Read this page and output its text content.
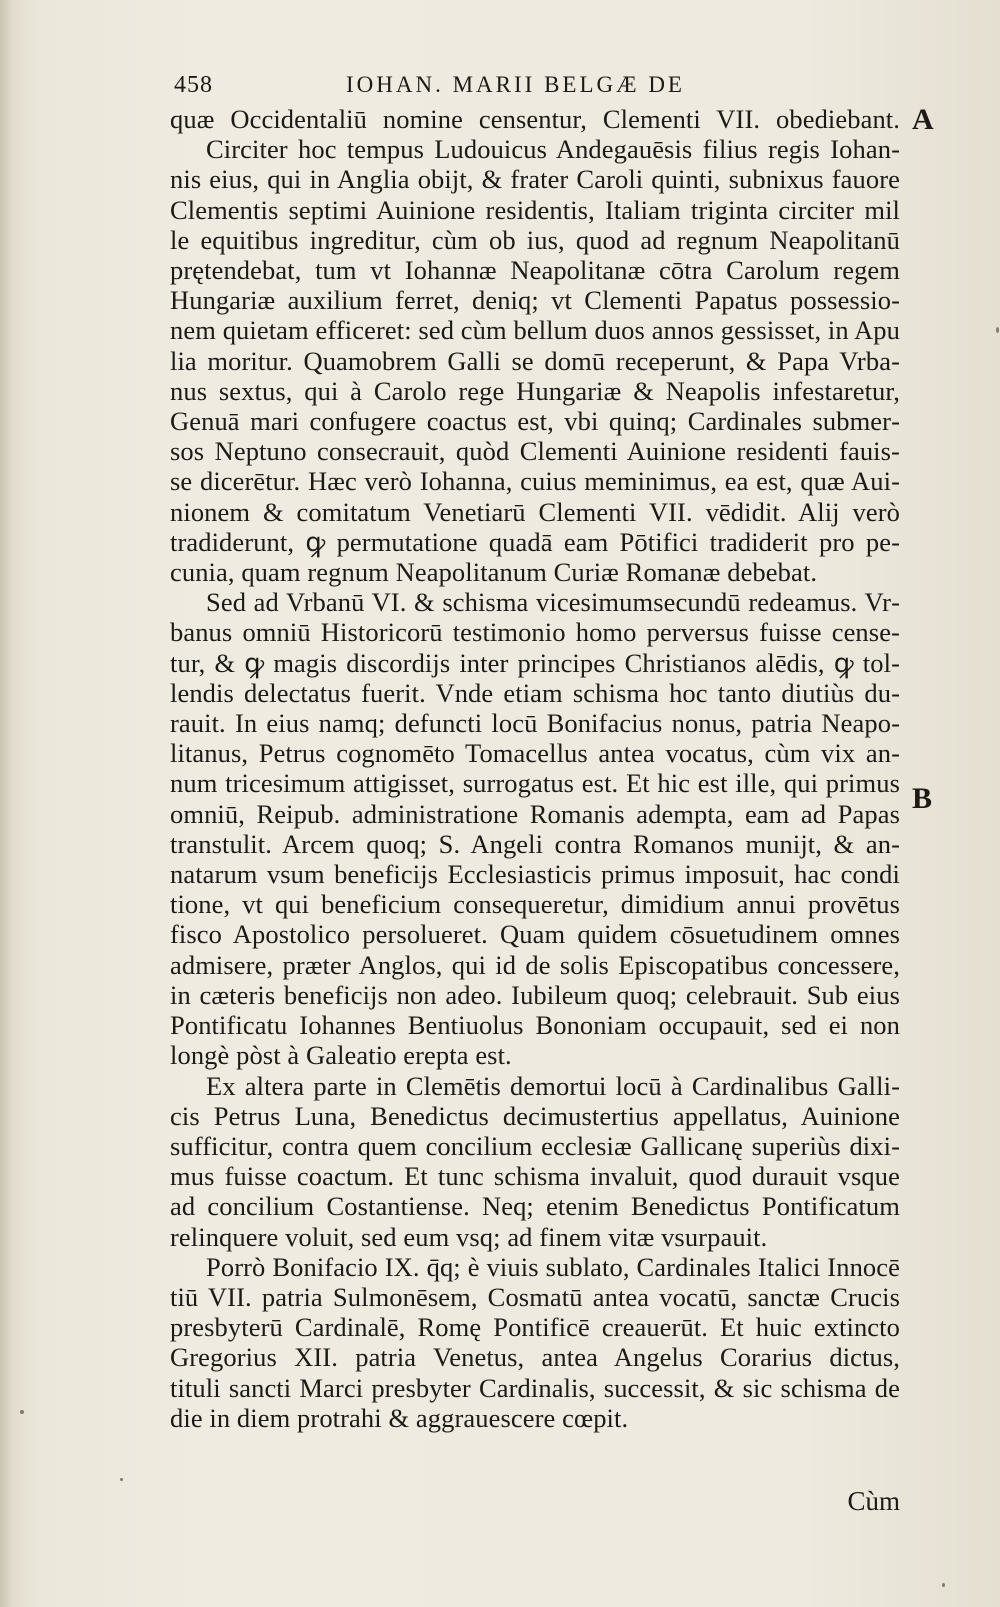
458	IOHAN. MARII BELGÆ DE
A
B
quæ Occidentaliū nomine censentur, Clementi VII. obediebant.
Circiter hoc tempus Ludouicus Andegauēsis filius regis Iohan‑
nis eius, qui in Anglia obijt, & frater Caroli quinti, subnixus fauore
Clementis septimi Auinione residentis, Italiam triginta circiter mil
le equitibus ingreditur, cùm ob ius, quod ad regnum Neapolitanū
prętendebat, tum vt Iohannæ Neapolitanæ cōtra Carolum regem
Hungariæ auxilium ferret, deniq; vt Clementi Papatus possessio‑
nem quietam efficeret: sed cùm bellum duos annos gessisset, in Apu
lia moritur. Quamobrem Galli se domū receperunt, & Papa Vrba‑
nus sextus, qui à Carolo rege Hungariæ & Neapolis infestaretur,
Genuā mari confugere coactus est, vbi quinq; Cardinales submer‑
sos Neptuno consecrauit, quòd Clementi Auinione residenti fauis‑
se dicerētur. Hæc verò Iohanna, cuius meminimus, ea est, quæ Aui‑
nionem & comitatum Venetiarū Clementi VII. vēdidit. Alij verò
tradiderunt, ꝙ permutatione quadā eam Pōtifici tradiderit pro pe‑
cunia, quam regnum Neapolitanum Curiæ Romanæ debebat.
Sed ad Vrbanū VI. & schisma vicesimumsecundū redeamus. Vr‑
banus omniū Historicorū testimonio homo perversus fuisse cense‑
tur, & ꝙ magis discordijs inter principes Christianos alēdis, ꝙ tol‑
lendis delectatus fuerit. Vnde etiam schisma hoc tanto diutiùs du‑
rauit. In eius namq; defuncti locū Bonifacius nonus, patria Neapo‑
litanus, Petrus cognomēto Tomacellus antea vocatus, cùm vix an‑
num tricesimum attigisset, surrogatus est. Et hic est ille, qui primus
omniū, Reipub. administratione Romanis adempta, eam ad Papas
transtulit. Arcem quoq; S. Angeli contra Romanos munijt, & an‑
natarum vsum beneficijs Ecclesiasticis primus imposuit, hac condi
tione, vt qui beneficium consequeretur, dimidium annui provētus
fisco Apostolico persolueret. Quam quidem cōsuetudinem omnes
admisere, præter Anglos, qui id de solis Episcopatibus concessere,
in cæteris beneficijs non adeo. Iubileum quoq; celebrauit. Sub eius
Pontificatu Iohannes Bentiuolus Bononiam occupauit, sed ei non
longè pòst à Galeatio erepta est.
Ex altera parte in Clemētis demortui locū à Cardinalibus Galli‑
cis Petrus Luna, Benedictus decimustertius appellatus, Auinione
sufficitur, contra quem concilium ecclesiæ Gallicanę superiùs dixi‑
mus fuisse coactum. Et tunc schisma invaluit, quod durauit vsque
ad concilium Costantiense. Neq; etenim Benedictus Pontificatum
relinquere voluit, sed eum vsq; ad finem vitæ vsurpauit.
Porrò Bonifacio IX. q̄q; è viuis sublato, Cardinales Italici Innocē
tiū VII. patria Sulmonēsem, Cosmatū antea vocatū, sanctæ Crucis
presbyterū Cardinalē, Romę Pontificē creauerūt. Et huic extincto
Gregorius XII. patria Venetus, antea Angelus Corarius dictus,
tituli sancti Marci presbyter Cardinalis, successit, & sic schisma de
die in diem protrahi & aggrauescere cœpit.
Cùm
